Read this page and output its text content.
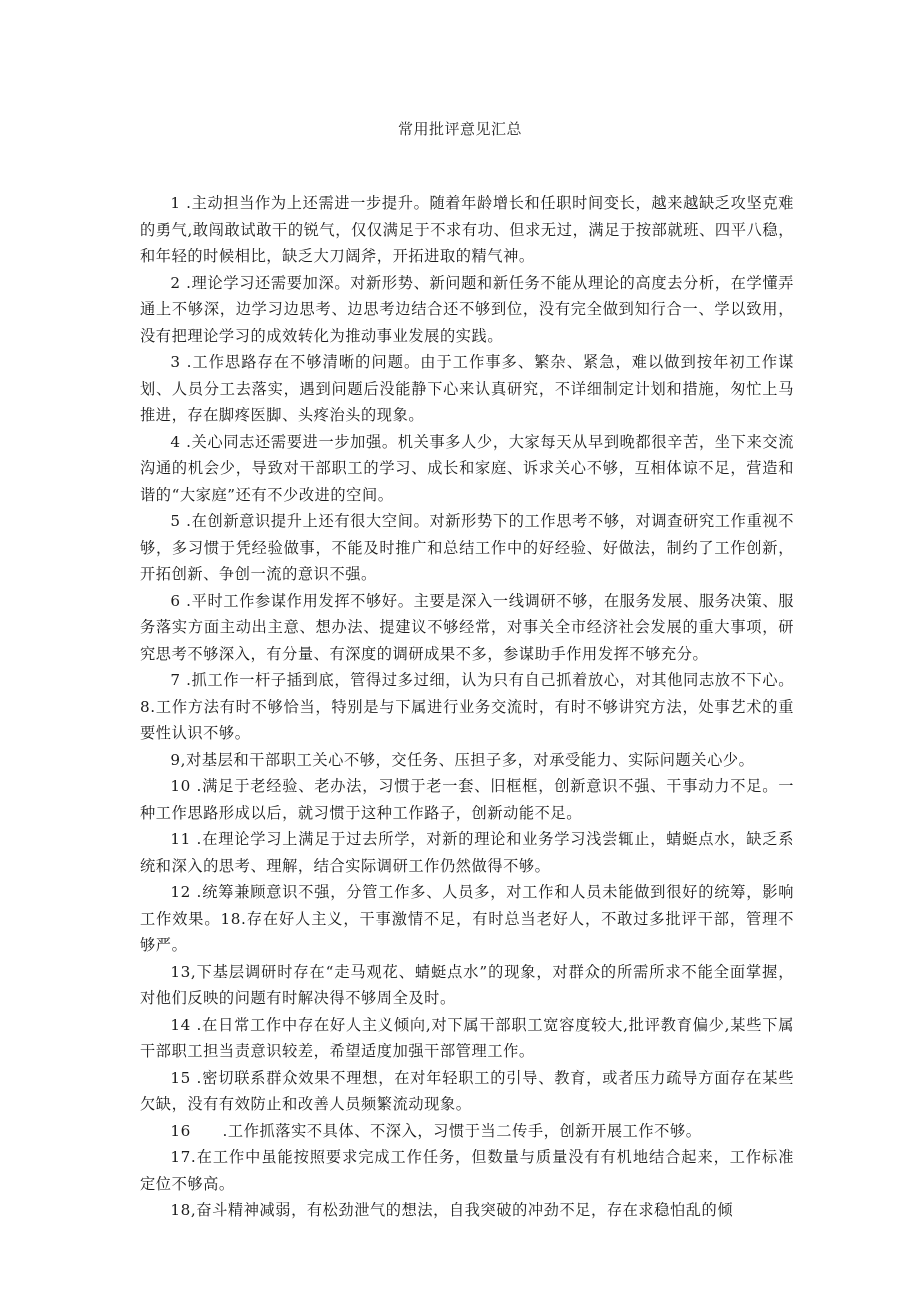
常用批评意见汇总

1 .主动担当作为上还需进一步提升。随着年龄增长和任职时间变长，越来越缺乏攻坚克难的勇气,敢闯敢试敢干的锐气，仅仅满足于不求有功、但求无过，满足于按部就班、四平八稳，和年轻的时候相比，缺乏大刀阔斧，开拓进取的精气神。

2 .理论学习还需要加深。对新形势、新问题和新任务不能从理论的高度去分析，在学懂弄通上不够深，边学习边思考、边思考边结合还不够到位，没有完全做到知行合一、学以致用，没有把理论学习的成效转化为推动事业发展的实践。

3 .工作思路存在不够清晰的问题。由于工作事多、繁杂、紧急，难以做到按年初工作谋划、人员分工去落实，遇到问题后没能静下心来认真研究，不详细制定计划和措施，匆忙上马推进，存在脚疼医脚、头疼治头的现象。

4 .关心同志还需要进一步加强。机关事多人少，大家每天从早到晚都很辛苦，坐下来交流沟通的机会少，导致对干部职工的学习、成长和家庭、诉求关心不够，互相体谅不足，营造和谐的“大家庭”还有不少改进的空间。

5 .在创新意识提升上还有很大空间。对新形势下的工作思考不够，对调查研究工作重视不够，多习惯于凭经验做事，不能及时推广和总结工作中的好经验、好做法，制约了工作创新，开拓创新、争创一流的意识不强。

6 .平时工作参谋作用发挥不够好。主要是深入一线调研不够，在服务发展、服务决策、服务落实方面主动出主意、想办法、提建议不够经常，对事关全市经济社会发展的重大事项，研究思考不够深入，有分量、有深度的调研成果不多，参谋助手作用发挥不够充分。

7 .抓工作一杆子插到底，管得过多过细，认为只有自己抓着放心，对其他同志放不下心。8.工作方法有时不够恰当，特别是与下属进行业务交流时，有时不够讲究方法，处事艺术的重要性认识不够。

9,对基层和干部职工关心不够，交任务、压担子多，对承受能力、实际问题关心少。

10 .满足于老经验、老办法，习惯于老一套、旧框框，创新意识不强、干事动力不足。一种工作思路形成以后，就习惯于这种工作路子，创新动能不足。

11 .在理论学习上满足于过去所学，对新的理论和业务学习浅尝辄止，蜻蜓点水，缺乏系统和深入的思考、理解，结合实际调研工作仍然做得不够。

12 .统筹兼顾意识不强，分管工作多、人员多，对工作和人员未能做到很好的统筹，影响工作效果。18.存在好人主义，干事激情不足，有时总当老好人，不敢过多批评干部，管理不够严。

13,下基层调研时存在“走马观花、蜻蜓点水”的现象，对群众的所需所求不能全面掌握，对他们反映的问题有时解决得不够周全及时。

14 .在日常工作中存在好人主义倾向,对下属干部职工宽容度较大,批评教育偏少,某些下属干部职工担当责意识较差，希望适度加强干部管理工作。

15 .密切联系群众效果不理想，在对年轻职工的引导、教育，或者压力疏导方面存在某些欠缺，没有有效防止和改善人员频繁流动现象。

16　　.工作抓落实不具体、不深入，习惯于当二传手，创新开展工作不够。

17.在工作中虽能按照要求完成工作任务，但数量与质量没有有机地结合起来，工作标准定位不够高。

18,奋斗精神减弱，有松劲泄气的想法，自我突破的冲劲不足，存在求稳怕乱的倾
